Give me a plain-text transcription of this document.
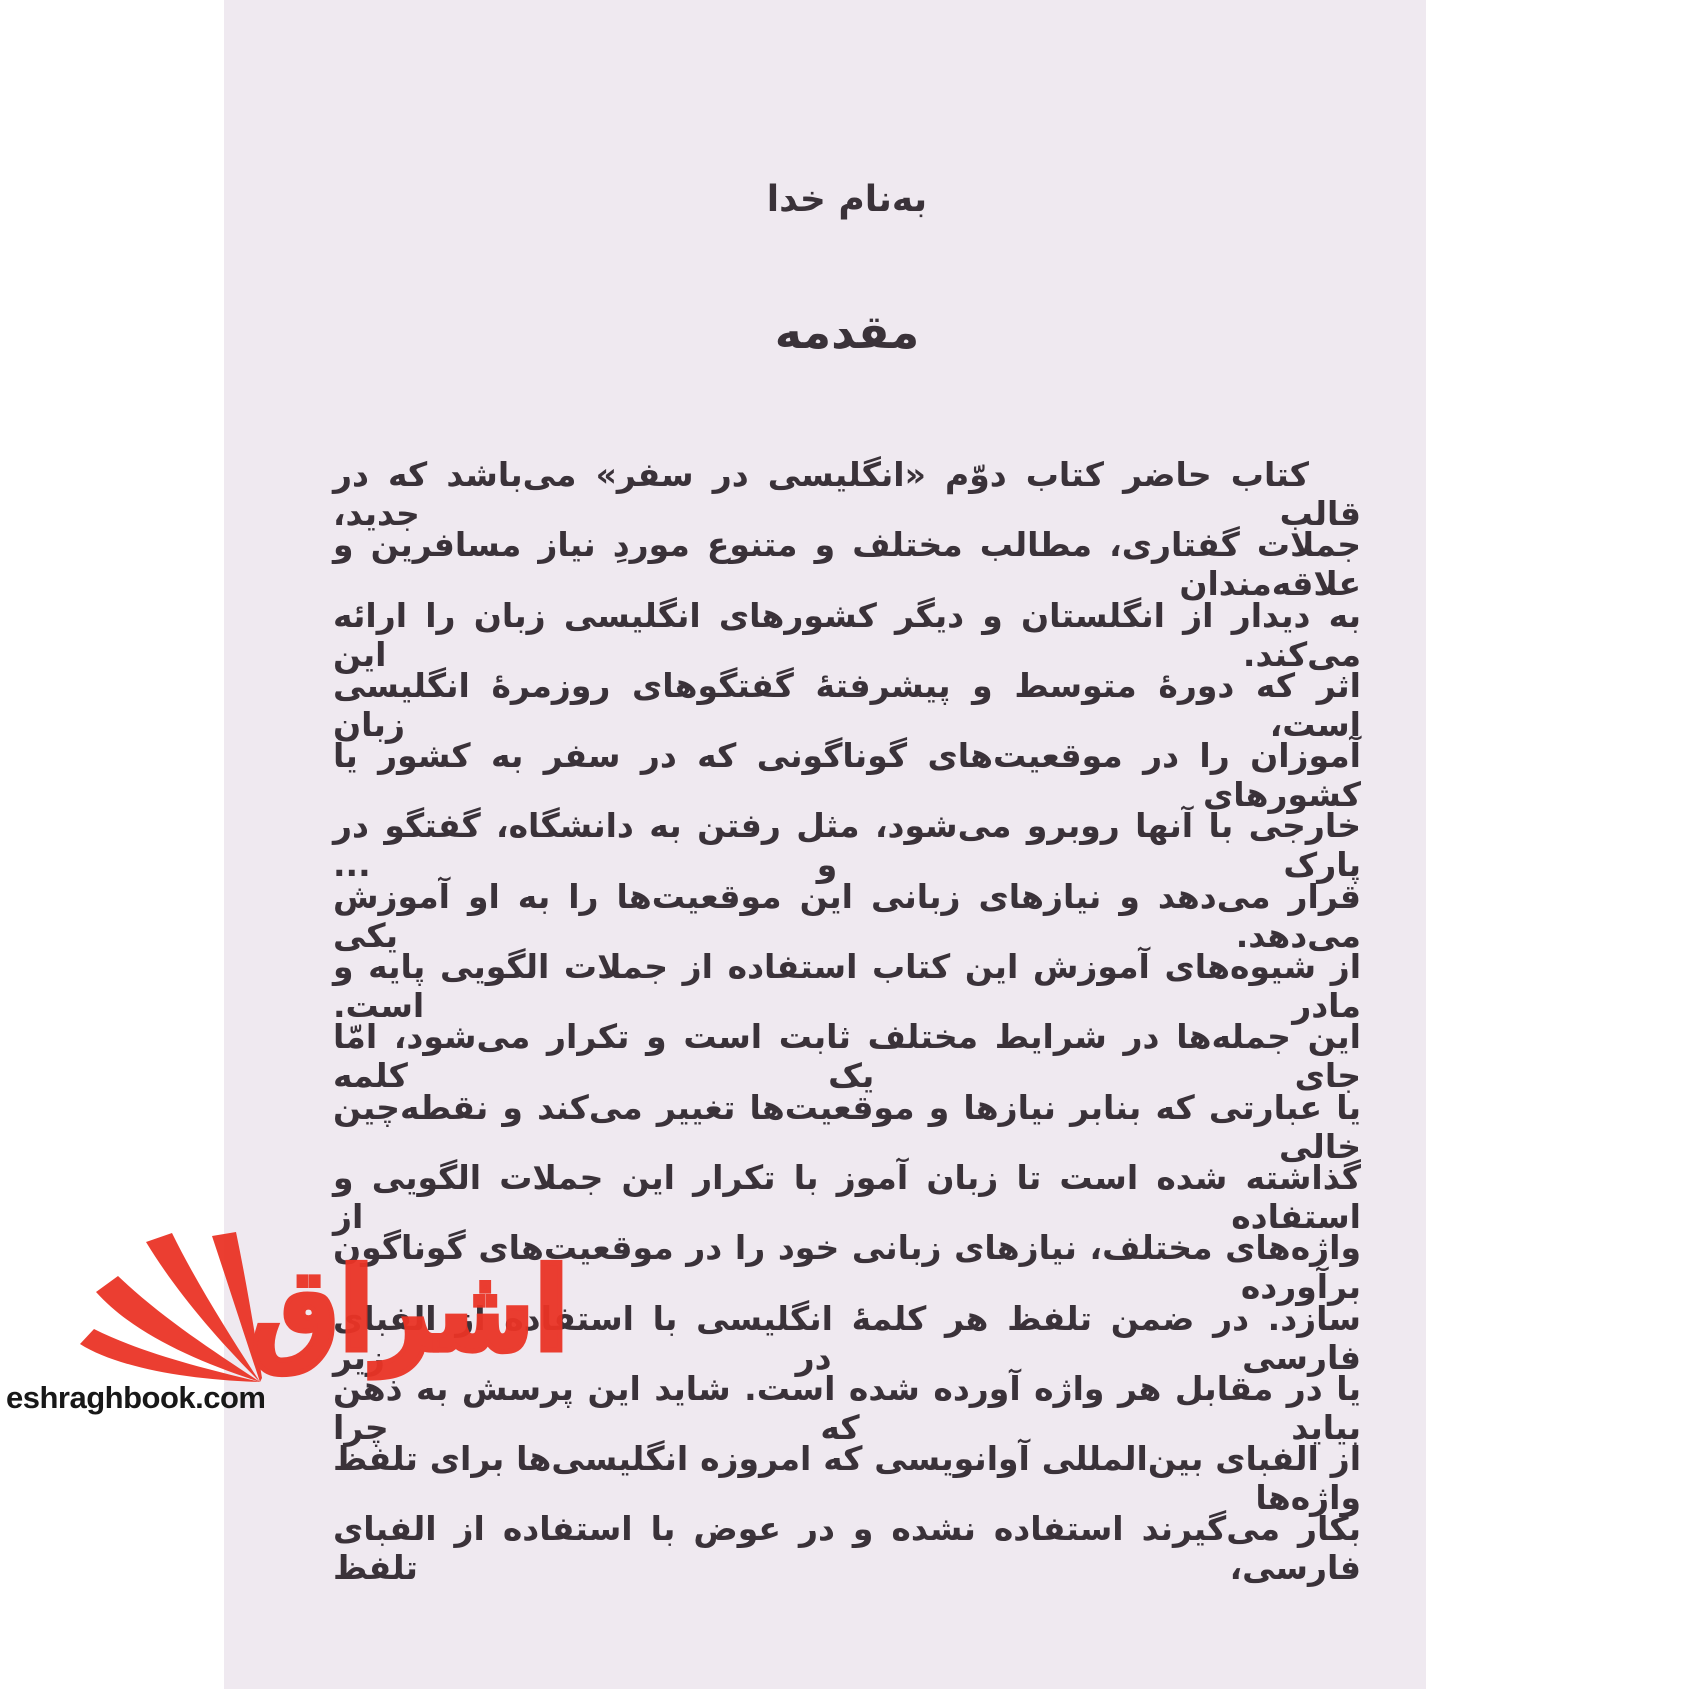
به‌نام خدا
مقدمه
کتاب حاضر کتاب دوّم «انگلیسی در سفر» می‌باشد که در قالب جدید،
جملات گفتاری، مطالب مختلف و متنوع موردِ نیاز مسافرین و علاقه‌مندان
به دیدار از انگلستان و دیگر کشورهای انگلیسی زبان را ارائه می‌کند. این
اثر که دورهٔ متوسط و پیشرفتهٔ گفتگوهای روزمرهٔ انگلیسی است، زبان
آموزان را در موقعیت‌های گوناگونی که در سفر به کشور یا کشورهای
خارجی با آنها روبرو می‌شود، مثل رفتن به دانشگاه، گفتگو در پارک و ...
قرار می‌دهد و نیازهای زبانی این موقعیت‌ها را به او آموزش می‌دهد. یکی
از شیوه‌های آموزش این کتاب استفاده از جملات الگویی پایه و مادر است.
این جمله‌ها در شرایط مختلف ثابت است و تکرار می‌شود، امّا جای یک کلمه
یا عبارتی که بنابر نیازها و موقعیت‌ها تغییر می‌کند و نقطه‌چین خالی
گذاشته شده است تا زبان آموز با تکرار این جملات الگویی و استفاده از
واژه‌های مختلف، نیازهای زبانی خود را در موقعیت‌های گوناگون برآورده
سازد. در ضمن تلفظ هر کلمهٔ انگلیسی با استفاده از الفبای فارسی در زیر
یا در مقابل هر واژه آورده شده است. شاید این پرسش به ذهن بیاید که چرا
از الفبای بین‌المللی آوانویسی که امروزه انگلیسی‌ها برای تلفظ واژه‌ها
بکار می‌گیرند استفاده نشده و در عوض با استفاده از الفبای فارسی، تلفظ
اشراق
eshraghbook.com
